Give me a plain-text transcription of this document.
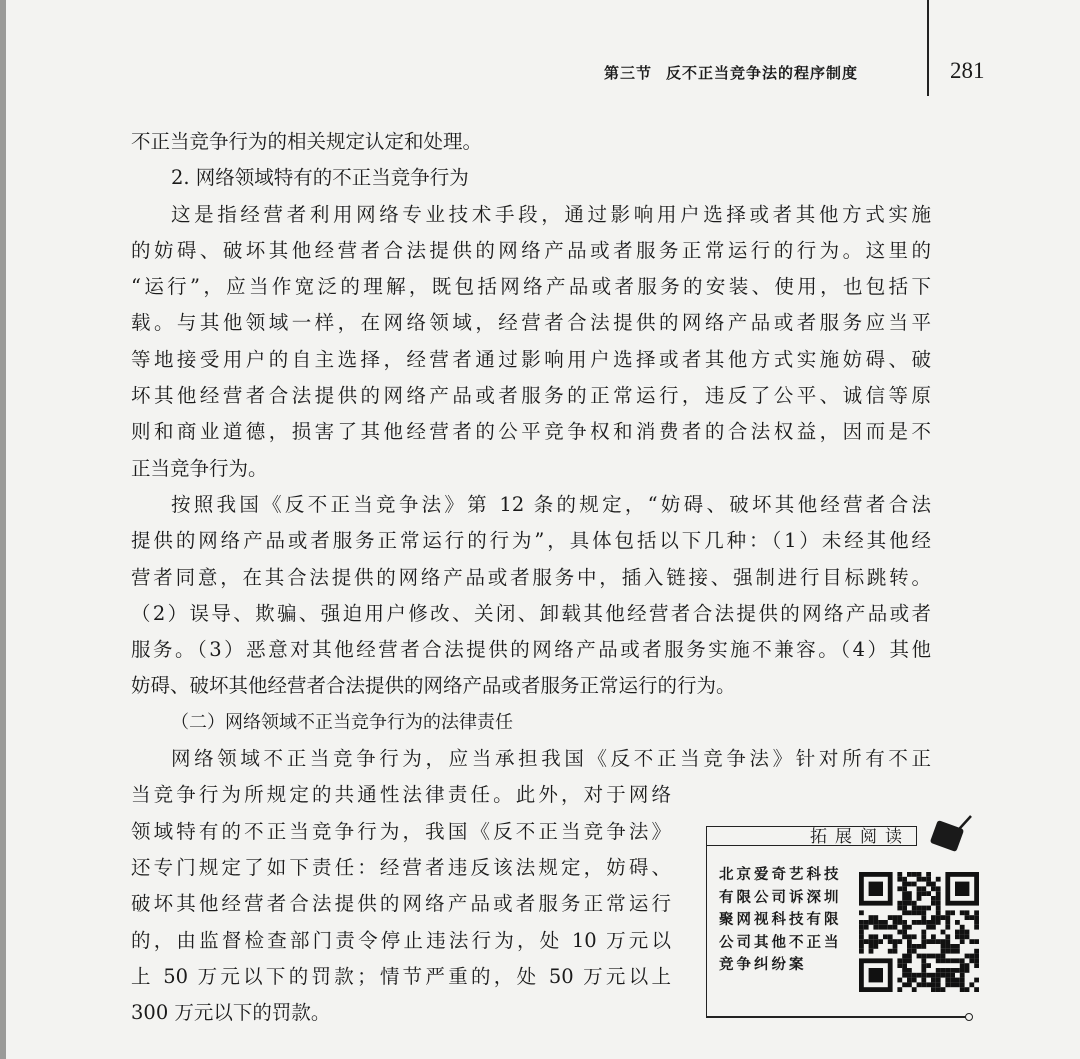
第三节 反不正当竞争法的程序制度	281
不正当竞争行为的相关规定认定和处理。
2. 网络领域特有的不正当竞争行为
这是指经营者利用网络专业技术手段，通过影响用户选择或者其他方式实施
的妨碍、破坏其他经营者合法提供的网络产品或者服务正常运行的行为。这里的
“运行”，应当作宽泛的理解，既包括网络产品或者服务的安装、使用，也包括下
载。与其他领域一样，在网络领域，经营者合法提供的网络产品或者服务应当平
等地接受用户的自主选择，经营者通过影响用户选择或者其他方式实施妨碍、破
坏其他经营者合法提供的网络产品或者服务的正常运行，违反了公平、诚信等原
则和商业道德，损害了其他经营者的公平竞争权和消费者的合法权益，因而是不
正当竞争行为。
按照我国《反不正当竞争法》第 12 条的规定，“妨碍、破坏其他经营者合法
提供的网络产品或者服务正常运行的行为”，具体包括以下几种：（1）未经其他经
营者同意，在其合法提供的网络产品或者服务中，插入链接、强制进行目标跳转。
（2）误导、欺骗、强迫用户修改、关闭、卸载其他经营者合法提供的网络产品或者
服务。（3）恶意对其他经营者合法提供的网络产品或者服务实施不兼容。（4）其他
妨碍、破坏其他经营者合法提供的网络产品或者服务正常运行的行为。
（二）网络领域不正当竞争行为的法律责任
网络领域不正当竞争行为，应当承担我国《反不正当竞争法》针对所有不正
当竞争行为所规定的共通性法律责任。此外，对于网络
领域特有的不正当竞争行为，我国《反不正当竞争法》
还专门规定了如下责任：经营者违反该法规定，妨碍、
破坏其他经营者合法提供的网络产品或者服务正常运行
的，由监督检查部门责令停止违法行为，处 10 万元以
上 50 万元以下的罚款；情节严重的，处 50 万元以上
300 万元以下的罚款。
拓展阅读
北京爱奇艺科技有限公司诉深圳聚网视科技有限公司其他不正当竞争纠纷案
